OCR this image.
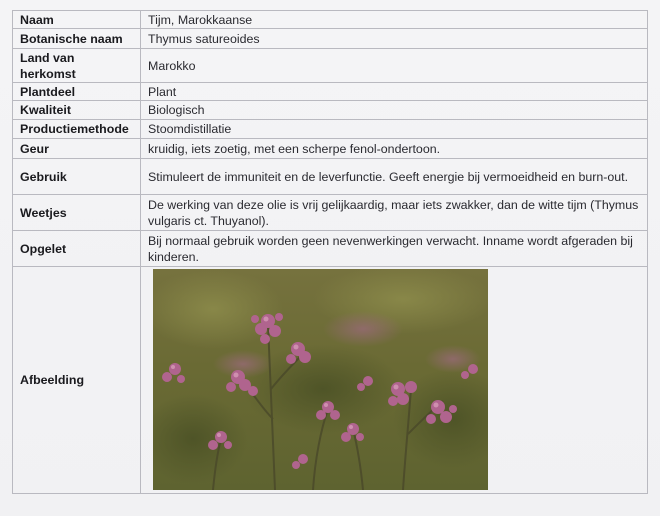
Naam	Tijm, Marokkaanse
Botanische naam	Thymus satureoides
Land van herkomst	Marokko
Plantdeel	Plant
Kwaliteit	Biologisch
Productiemethode	Stoomdistillatie
Geur	kruidig, iets zoetig, met een scherpe fenol-ondertoon.
Gebruik	Stimuleert de immuniteit en de leverfunctie. Geeft energie bij vermoeidheid en burn-out.
Weetjes	De werking van deze olie is vrij gelijkaardig, maar iets zwakker, dan de witte tijm (Thymus vulgaris ct. Thuyanol).
Opgelet	Bij normaal gebruik worden geen nevenwerkingen verwacht. Inname wordt afgeraden bij kinderen.
Afbeelding	
